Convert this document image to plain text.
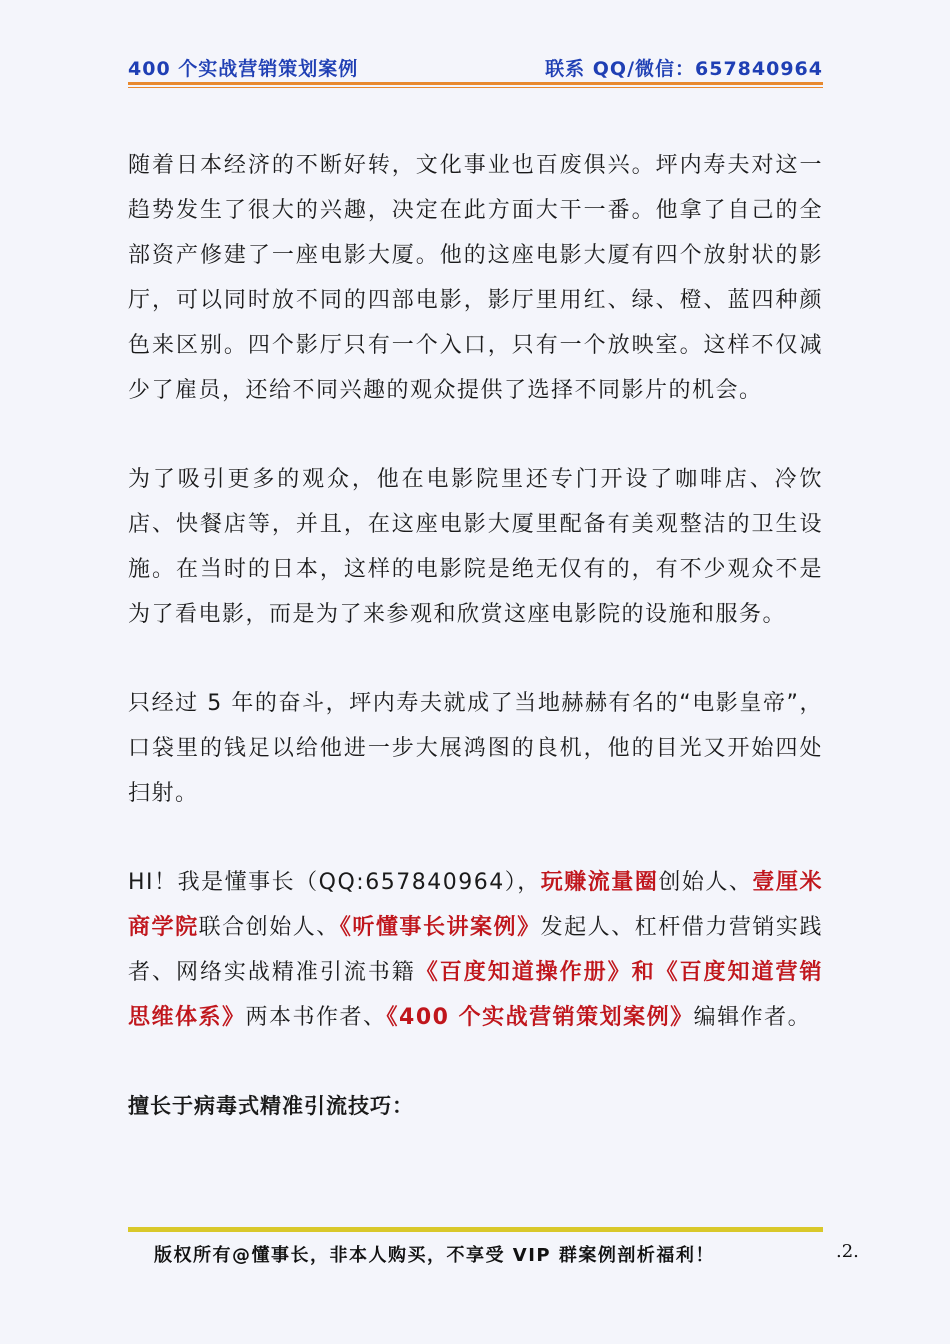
400 个实战营销策划案例	联系 QQ/微信：657840964

随着日本经济的不断好转，文化事业也百废俱兴。坪内寿夫对这一趋势发生了很大的兴趣，决定在此方面大干一番。他拿了自己的全部资产修建了一座电影大厦。他的这座电影大厦有四个放射状的影厅，可以同时放不同的四部电影，影厅里用红、绿、橙、蓝四种颜色来区别。四个影厅只有一个入口，只有一个放映室。这样不仅减少了雇员，还给不同兴趣的观众提供了选择不同影片的机会。

为了吸引更多的观众，他在电影院里还专门开设了咖啡店、冷饮店、快餐店等，并且，在这座电影大厦里配备有美观整洁的卫生设施。在当时的日本，这样的电影院是绝无仅有的，有不少观众不是为了看电影，而是为了来参观和欣赏这座电影院的设施和服务。

只经过 5 年的奋斗，坪内寿夫就成了当地赫赫有名的“电影皇帝”，口袋里的钱足以给他进一步大展鸿图的良机，他的目光又开始四处扫射。

HI！我是懂事长（QQ:657840964），玩赚流量圈创始人、壹厘米商学院联合创始人、《听懂事长讲案例》发起人、杠杆借力营销实践者、网络实战精准引流书籍《百度知道操作册》和《百度知道营销思维体系》两本书作者、《400 个实战营销策划案例》编辑作者。

擅长于病毒式精准引流技巧：

版权所有@懂事长，非本人购买，不享受 VIP 群案例剖析福利！	.2.
